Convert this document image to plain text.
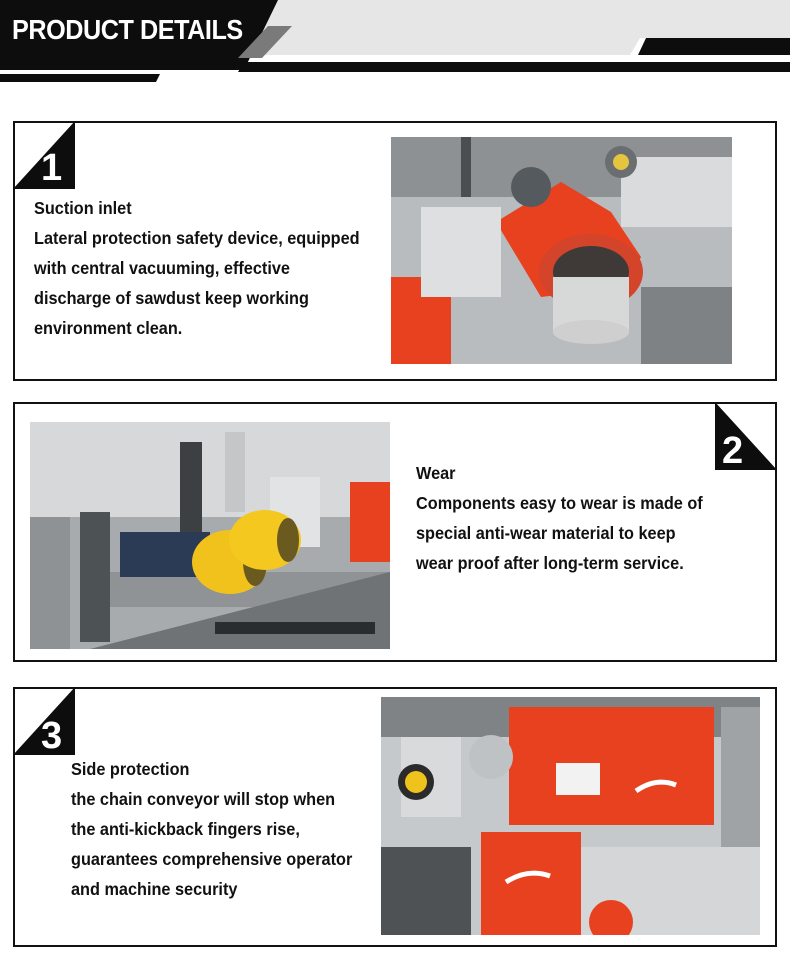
PRODUCT DETAILS
1
Suction inlet
Lateral protection safety device, equipped
with central vacuuming, effective
discharge of sawdust keep working
environment clean.
2
Wear
Components easy to wear is made of
special anti-wear material to keep
wear proof after long-term service.
3
Side protection
the chain conveyor will stop when
the anti-kickback fingers rise,
guarantees comprehensive operator
and machine security
